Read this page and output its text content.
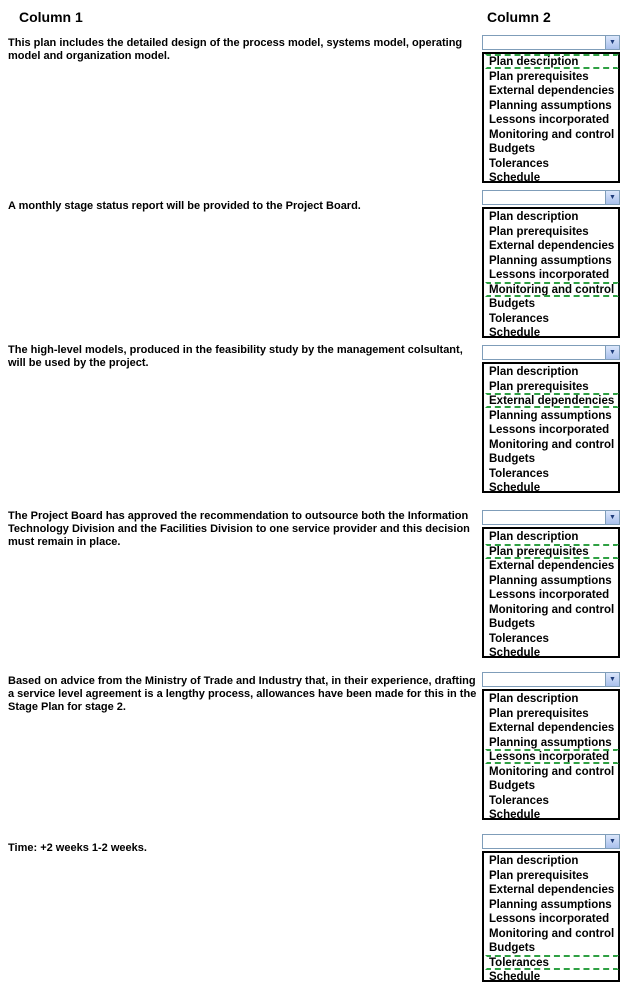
Column 1	Column 2
This plan includes the detailed design of the process model, systems model, operating model and organization model.
▼
Plan description
Plan prerequisites
External dependencies
Planning assumptions
Lessons incorporated
Monitoring and control
Budgets
Tolerances
Schedule
A monthly stage status report will be provided to the Project Board.
▼
Plan description
Plan prerequisites
External dependencies
Planning assumptions
Lessons incorporated
Monitoring and control
Budgets
Tolerances
Schedule
The high-level models, produced in the feasibility study by the management colsultant, will be used by the project.
▼
Plan description
Plan prerequisites
External dependencies
Planning assumptions
Lessons incorporated
Monitoring and control
Budgets
Tolerances
Schedule
The Project Board has approved the recommendation to outsource both the Information Technology Division and the Facilities Division to one service provider and this decision must remain in place.
▼
Plan description
Plan prerequisites
External dependencies
Planning assumptions
Lessons incorporated
Monitoring and control
Budgets
Tolerances
Schedule
Based on advice from the Ministry of Trade and Industry that, in their experience, drafting a service level agreement is a lengthy process, allowances have been made for this in the Stage Plan for stage 2.
▼
Plan description
Plan prerequisites
External dependencies
Planning assumptions
Lessons incorporated
Monitoring and control
Budgets
Tolerances
Schedule
Time: +2 weeks 1-2 weeks.
▼
Plan description
Plan prerequisites
External dependencies
Planning assumptions
Lessons incorporated
Monitoring and control
Budgets
Tolerances
Schedule
